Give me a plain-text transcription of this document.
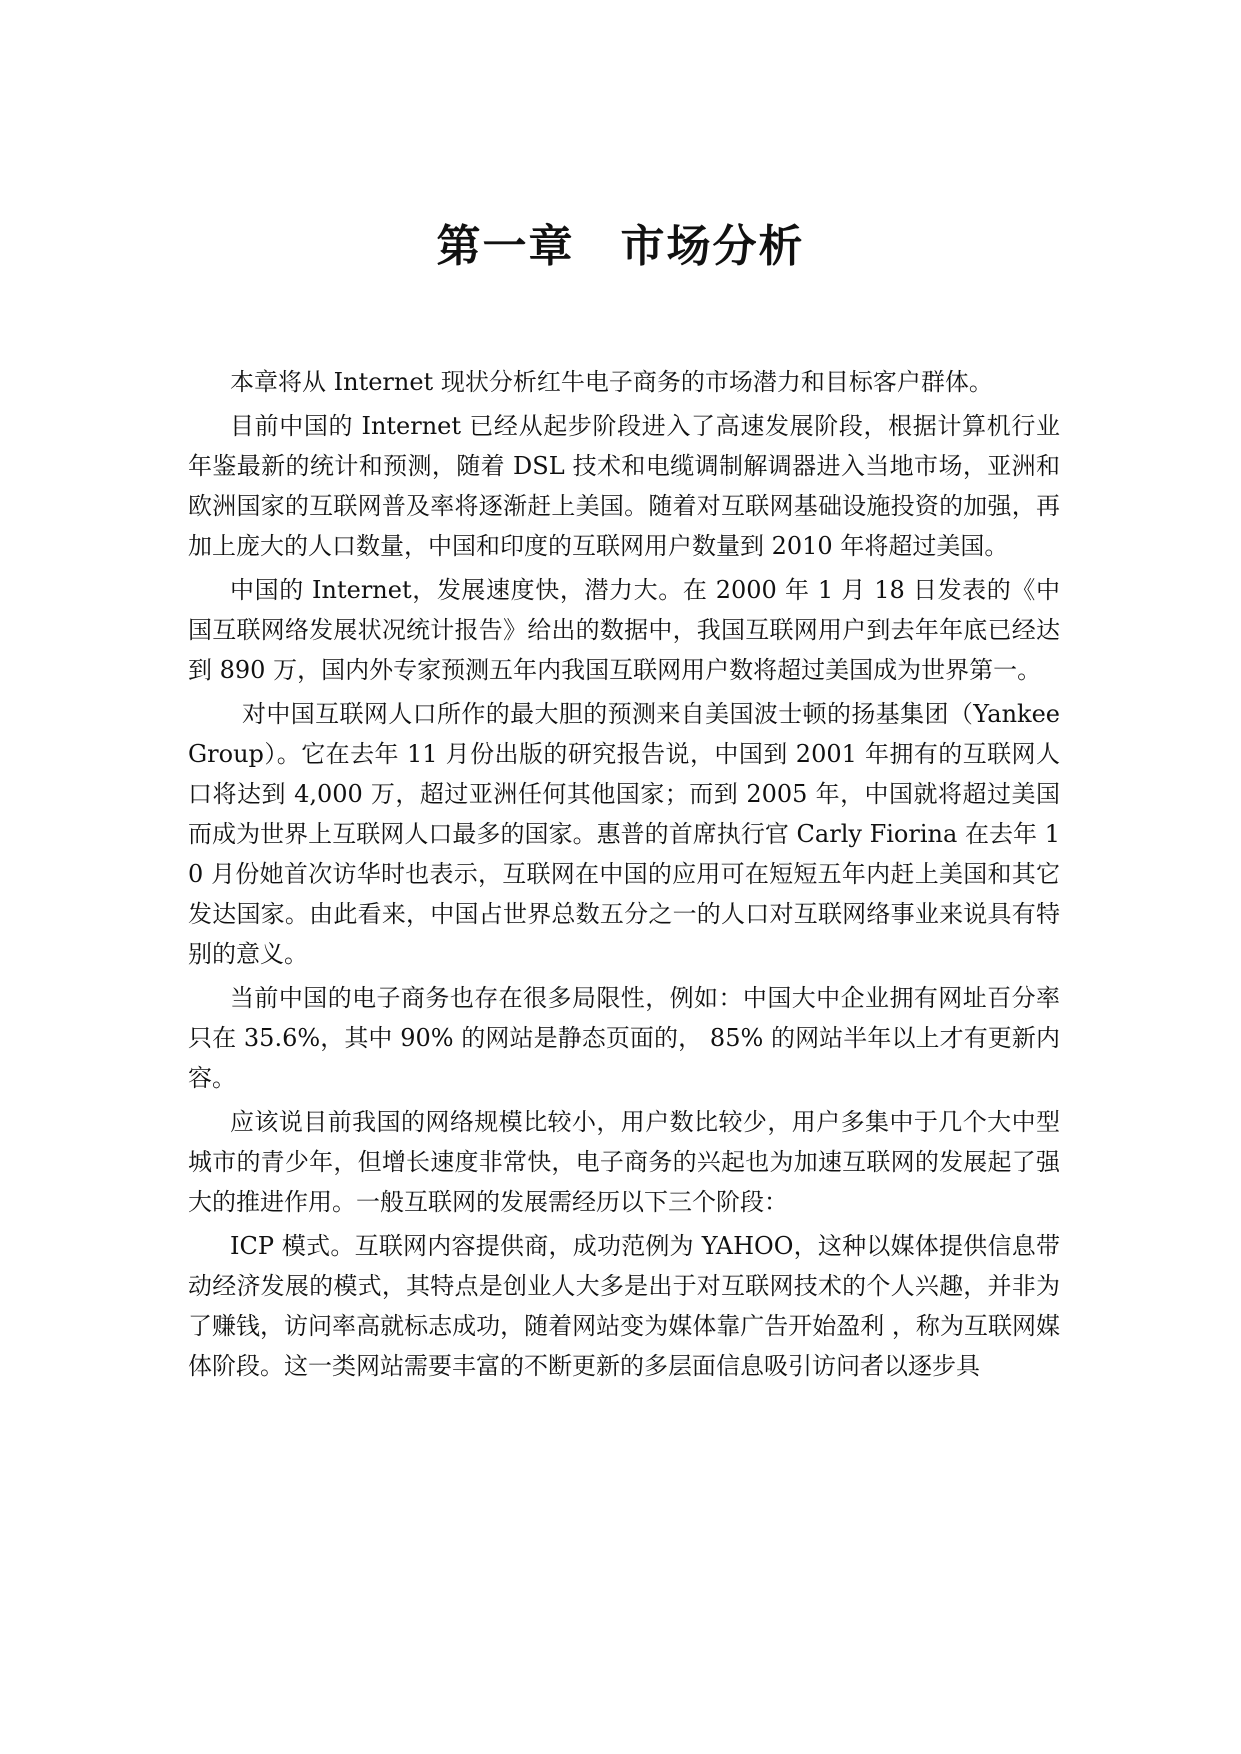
第一章　市场分析

本章将从 Internet 现状分析红牛电子商务的市场潜力和目标客户群体。

目前中国的 Internet 已经从起步阶段进入了高速发展阶段，根据计算机行业年鉴最新的统计和预测，随着 DSL 技术和电缆调制解调器进入当地市场，亚洲和欧洲国家的互联网普及率将逐渐赶上美国。随着对互联网基础设施投资的加强，再加上庞大的人口数量，中国和印度的互联网用户数量到 2010 年将超过美国。

中国的 Internet，发展速度快，潜力大。在 2000 年 1 月 18 日发表的《中国互联网络发展状况统计报告》给出的数据中，我国互联网用户到去年年底已经达到 890 万，国内外专家预测五年内我国互联网用户数将超过美国成为世界第一。

对中国互联网人口所作的最大胆的预测来自美国波士顿的扬基集团（Yankee Group）。它在去年 11 月份出版的研究报告说，中国到 2001 年拥有的互联网人口将达到 4,000 万，超过亚洲任何其他国家；而到 2005 年，中国就将超过美国而成为世界上互联网人口最多的国家。惠普的首席执行官 Carly Fiorina 在去年 10 月份她首次访华时也表示，互联网在中国的应用可在短短五年内赶上美国和其它发达国家。由此看来，中国占世界总数五分之一的人口对互联网络事业来说具有特别的意义。

当前中国的电子商务也存在很多局限性，例如：中国大中企业拥有网址百分率只在 35.6%，其中 90% 的网站是静态页面的， 85% 的网站半年以上才有更新内容。

应该说目前我国的网络规模比较小，用户数比较少，用户多集中于几个大中型城市的青少年，但增长速度非常快，电子商务的兴起也为加速互联网的发展起了强大的推进作用。一般互联网的发展需经历以下三个阶段：

ICP 模式。互联网内容提供商，成功范例为 YAHOO，这种以媒体提供信息带动经济发展的模式，其特点是创业人大多是出于对互联网技术的个人兴趣，并非为了赚钱，访问率高就标志成功，随着网站变为媒体靠广告开始盈利 ，称为互联网媒体阶段。这一类网站需要丰富的不断更新的多层面信息吸引访问者以逐步具
